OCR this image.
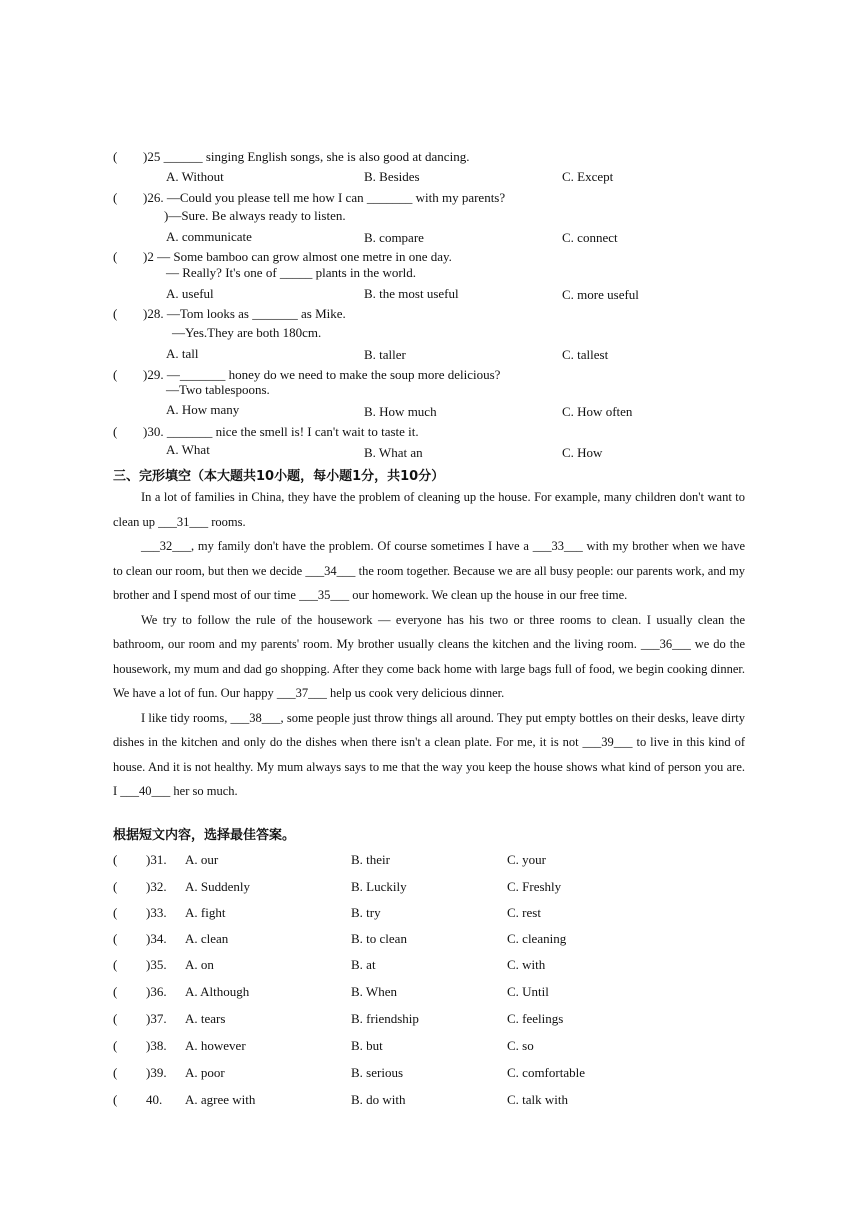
( )25 ______ singing English songs, she is also good at dancing.
A. Without	B. Besides	C. Except
( )26. —Could you please tell me how I can _______ with my parents?
)—Sure. Be always ready to listen.
A. communicate	B. compare	C. connect
( )2 — Some bamboo can grow almost one metre in one day.
— Really? It's one of _____ plants in the world.
A. useful	B. the most useful	C. more useful
( )28. —Tom looks as _______ as Mike.
—Yes.They are both 180cm.
A. tall	B. taller	C. tallest
( )29. —_______ honey do we need to make the soup more delicious?
—Two tablespoons.
A. How many	B. How much	C. How often
( )30. _______ nice the smell is! I can't wait to taste it.
A. What	B. What an	C. How
三、完形填空（本大题共10小题，每小题1分，共10分）

In a lot of families in China, they have the problem of cleaning up the house. For example, many children don't want to clean up ___31___ rooms.

___32___, my family don't have the problem. Of course sometimes I have a ___33___ with my brother when we have to clean our room, but then we decide ___34___ the room together. Because we are all busy people: our parents work, and my brother and I spend most of our time ___35___ our homework. We clean up the house in our free time.

We try to follow the rule of the housework — everyone has his two or three rooms to clean. I usually clean the bathroom, our room and my parents' room. My brother usually cleans the kitchen and the living room. ___36___ we do the housework, my mum and dad go shopping. After they come back home with large bags full of food, we begin cooking dinner. We have a lot of fun. Our happy ___37___ help us cook very delicious dinner.

I like tidy rooms, ___38___, some people just throw things all around. They put empty bottles on their desks, leave dirty dishes in the kitchen and only do the dishes when there isn't a clean plate. For me, it is not ___39___ to live in this kind of house. And it is not healthy. My mum always says to me that the way you keep the house shows what kind of person you are. I ___40___ her so much.

根据短文内容，选择最佳答案。
( )31. A. our	B. their	C. your
( )32. A. Suddenly	B. Luckily	C. Freshly
( )33. A. fight	B. try	C. rest
( )34. A. clean	B. to clean	C. cleaning
( )35. A. on	B. at	C. with
( )36. A. Although	B. When	C. Until
( )37. A. tears	B. friendship	C. feelings
( )38. A. however	B. but	C. so
( )39. A. poor	B. serious	C. comfortable
( 40. A. agree with	B. do with	C. talk with
